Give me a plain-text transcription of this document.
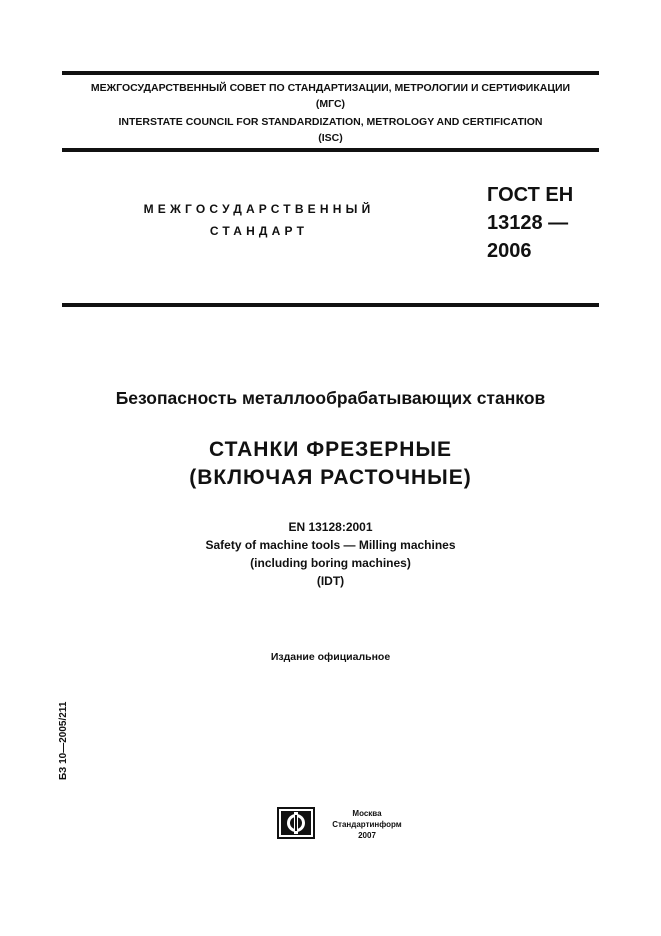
МЕЖГОСУДАРСТВЕННЫЙ СОВЕТ ПО СТАНДАРТИЗАЦИИ, МЕТРОЛОГИИ И СЕРТИФИКАЦИИ
(МГС)
INTERSTATE COUNCIL FOR STANDARDIZATION, METROLOGY AND CERTIFICATION
(ISC)
МЕЖГОСУДАРСТВЕННЫЙ
СТАНДАРТ
ГОСТ ЕН
13128 —
2006
Безопасность металлообрабатывающих станков
СТАНКИ ФРЕЗЕРНЫЕ
(ВКЛЮЧАЯ РАСТОЧНЫЕ)
EN 13128:2001
Safety of machine tools — Milling machines
(including boring machines)
(IDT)
Издание официальное
БЗ 10—2005/211
Москва
Стандартинформ
2007
